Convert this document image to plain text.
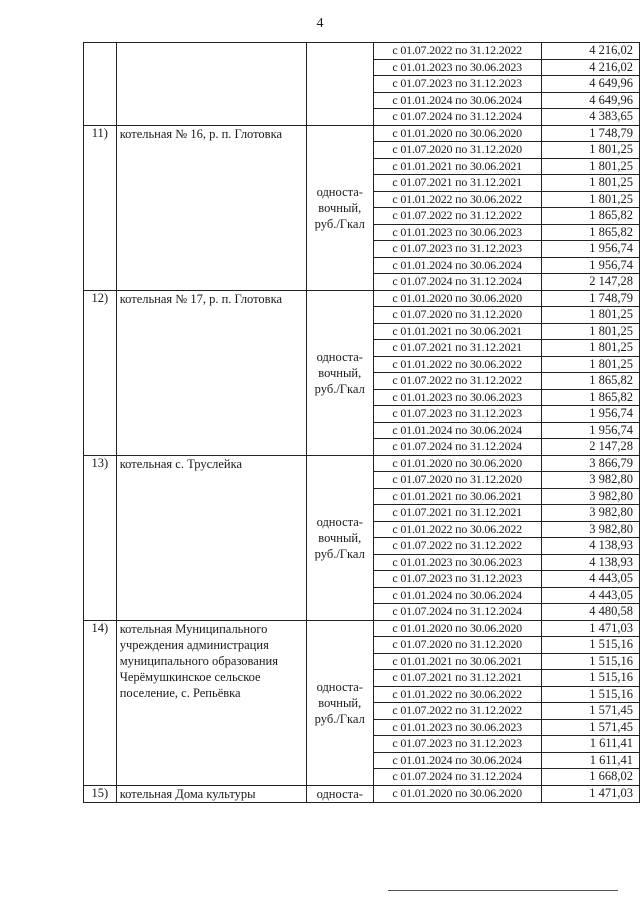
4
			с 01.07.2022 по 31.12.2022	4 216,02
			с 01.01.2023 по 30.06.2023	4 216,02
			с 01.07.2023 по 31.12.2023	4 649,96
			с 01.01.2024 по 30.06.2024	4 649,96
			с 01.07.2024 по 31.12.2024	4 383,65
11)	котельная № 16, р. п. Глотовка	односта-вочный, руб./Гкал	с 01.01.2020 по 30.06.2020	1 748,79
			с 01.07.2020 по 31.12.2020	1 801,25
			с 01.01.2021 по 30.06.2021	1 801,25
			с 01.07.2021 по 31.12.2021	1 801,25
			с 01.01.2022 по 30.06.2022	1 801,25
			с 01.07.2022 по 31.12.2022	1 865,82
			с 01.01.2023 по 30.06.2023	1 865,82
			с 01.07.2023 по 31.12.2023	1 956,74
			с 01.01.2024 по 30.06.2024	1 956,74
			с 01.07.2024 по 31.12.2024	2 147,28
12)	котельная № 17, р. п. Глотовка	односта-вочный, руб./Гкал	с 01.01.2020 по 30.06.2020	1 748,79
			с 01.07.2020 по 31.12.2020	1 801,25
			с 01.01.2021 по 30.06.2021	1 801,25
			с 01.07.2021 по 31.12.2021	1 801,25
			с 01.01.2022 по 30.06.2022	1 801,25
			с 01.07.2022 по 31.12.2022	1 865,82
			с 01.01.2023 по 30.06.2023	1 865,82
			с 01.07.2023 по 31.12.2023	1 956,74
			с 01.01.2024 по 30.06.2024	1 956,74
			с 01.07.2024 по 31.12.2024	2 147,28
13)	котельная с. Труслейка	односта-вочный, руб./Гкал	с 01.01.2020 по 30.06.2020	3 866,79
			с 01.07.2020 по 31.12.2020	3 982,80
			с 01.01.2021 по 30.06.2021	3 982,80
			с 01.07.2021 по 31.12.2021	3 982,80
			с 01.01.2022 по 30.06.2022	3 982,80
			с 01.07.2022 по 31.12.2022	4 138,93
			с 01.01.2023 по 30.06.2023	4 138,93
			с 01.07.2023 по 31.12.2023	4 443,05
			с 01.01.2024 по 30.06.2024	4 443,05
			с 01.07.2024 по 31.12.2024	4 480,58
14)	котельная Муниципального учреждения администрация муниципального образования Черёмушкинское сельское поселение, с. Репьёвка	односта-вочный, руб./Гкал	с 01.01.2020 по 30.06.2020	1 471,03
			с 01.07.2020 по 31.12.2020	1 515,16
			с 01.01.2021 по 30.06.2021	1 515,16
			с 01.07.2021 по 31.12.2021	1 515,16
			с 01.01.2022 по 30.06.2022	1 515,16
			с 01.07.2022 по 31.12.2022	1 571,45
			с 01.01.2023 по 30.06.2023	1 571,45
			с 01.07.2023 по 31.12.2023	1 611,41
			с 01.01.2024 по 30.06.2024	1 611,41
			с 01.07.2024 по 31.12.2024	1 668,02
15)	котельная Дома культуры	односта-	с 01.01.2020 по 30.06.2020	1 471,03
